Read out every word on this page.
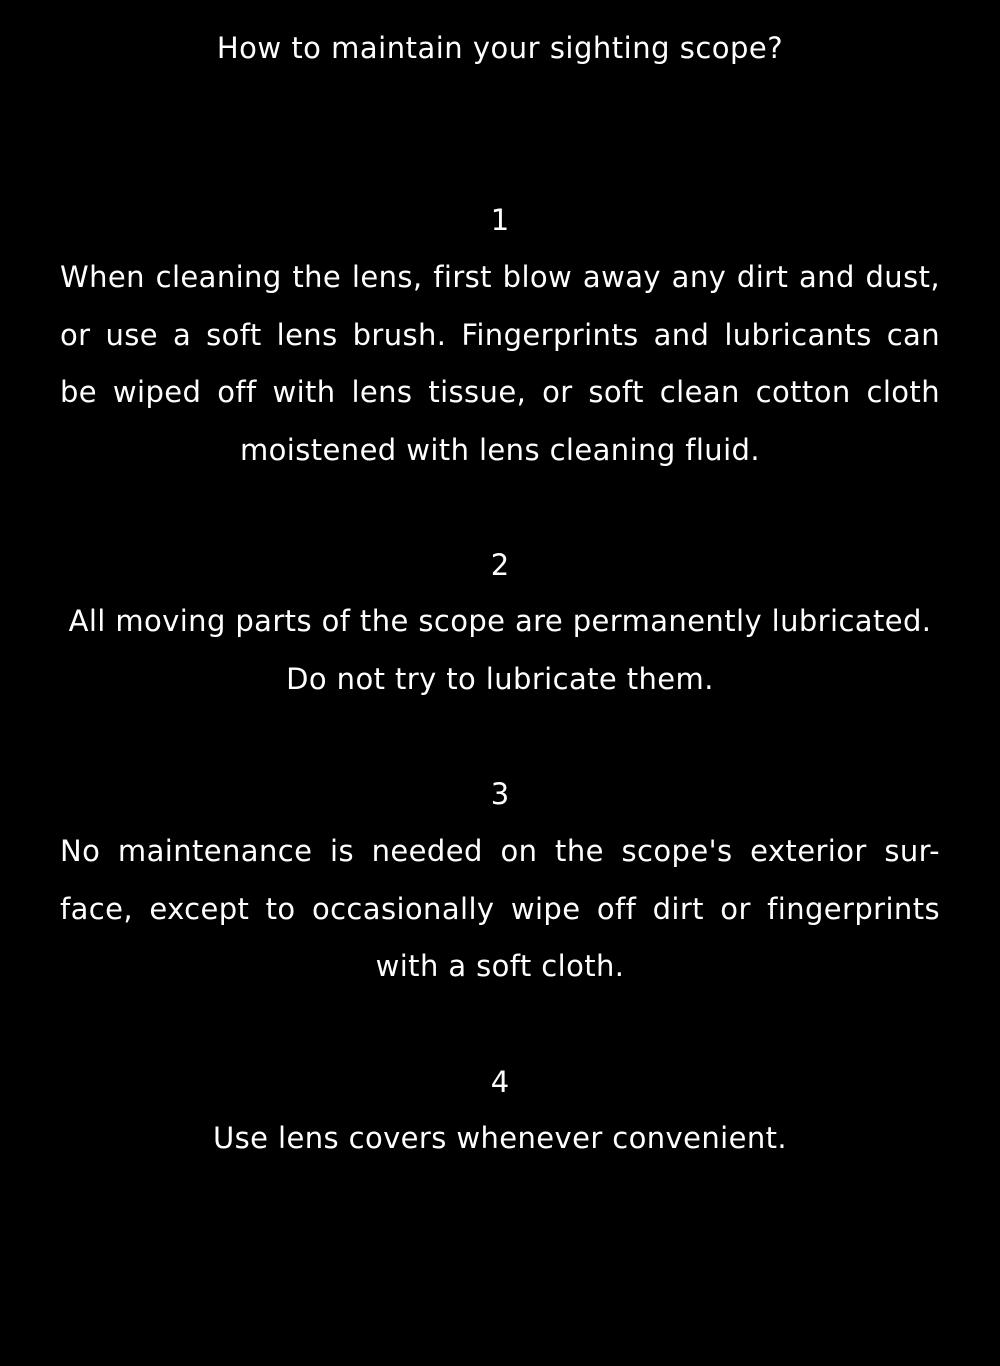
How to maintain your sighting scope?
1
When cleaning the lens, first blow away any dirt and dust,
or use a soft lens brush. Fingerprints and lubricants can
be wiped off with lens tissue, or soft clean cotton cloth
moistened with lens cleaning fluid.
2
All moving parts of the scope are permanently lubricated.
Do not try to lubricate them.
3
No maintenance is needed on the scope's exterior sur-
face, except to occasionally wipe off dirt or fingerprints
with a soft cloth.
4
Use lens covers whenever convenient.
